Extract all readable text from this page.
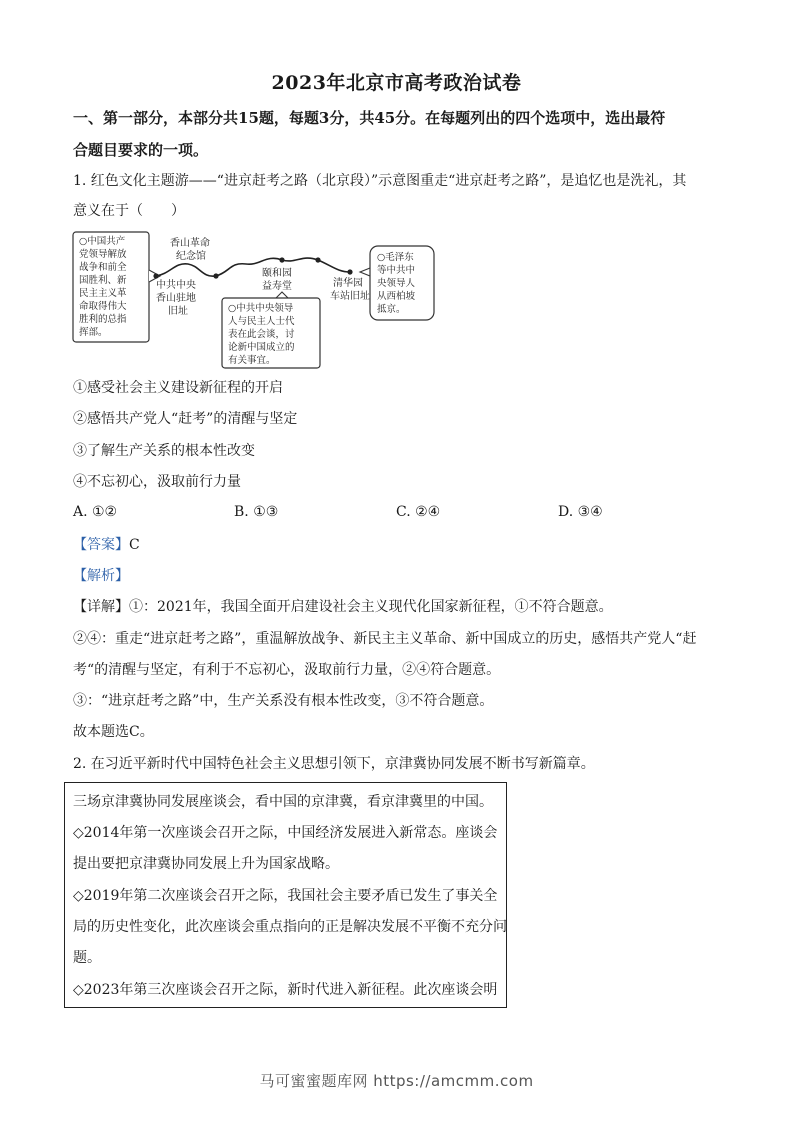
2023年北京市高考政治试卷
一、第一部分，本部分共15题，每题3分，共45分。在每题列出的四个选项中，选出最符
合题目要求的一项。
1. 红色文化主题游——“进京赶考之路（北京段）”示意图重走“进京赶考之路”，是追忆也是洗礼，其
意义在于（　　）
○中国共产 党领导解放 战争和前全 国胜利、新 民主主义革 命取得伟大 胜利的总指 挥部。
香山革命 纪念馆
中共中央 香山驻地 旧址
颐和园 益寿堂	清华园 车站旧址
○中共中央领导 人与民主人士代 表在此会谈，讨 论新中国成立的 有关事宜。
○毛泽东 等中共中 央领导人 从西柏坡 抵京。
①感受社会主义建设新征程的开启
②感悟共产党人“赶考”的清醒与坚定
③了解生产关系的根本性改变
④不忘初心，汲取前行力量
A. ①②	B. ①③	C. ②④	D. ③④
【答案】C
【解析】
【详解】①：2021年，我国全面开启建设社会主义现代化国家新征程，①不符合题意。
②④：重走“进京赶考之路”，重温解放战争、新民主主义革命、新中国成立的历史，感悟共产党人“赶
考“的清醒与坚定，有利于不忘初心，汲取前行力量，②④符合题意。
③：“进京赶考之路”中，生产关系没有根本性改变，③不符合题意。
故本题选C。
2. 在习近平新时代中国特色社会主义思想引领下，京津冀协同发展不断书写新篇章。
三场京津冀协同发展座谈会，看中国的京津冀，看京津冀里的中国。
◇2014年第一次座谈会召开之际，中国经济发展进入新常态。座谈会
提出要把京津冀协同发展上升为国家战略。
◇2019年第二次座谈会召开之际，我国社会主要矛盾已发生了事关全
局的历史性变化，此次座谈会重点指向的正是解决发展不平衡不充分问
题。
◇2023年第三次座谈会召开之际，新时代进入新征程。此次座谈会明
马可蜜蜜题库网 https://amcmm.com
